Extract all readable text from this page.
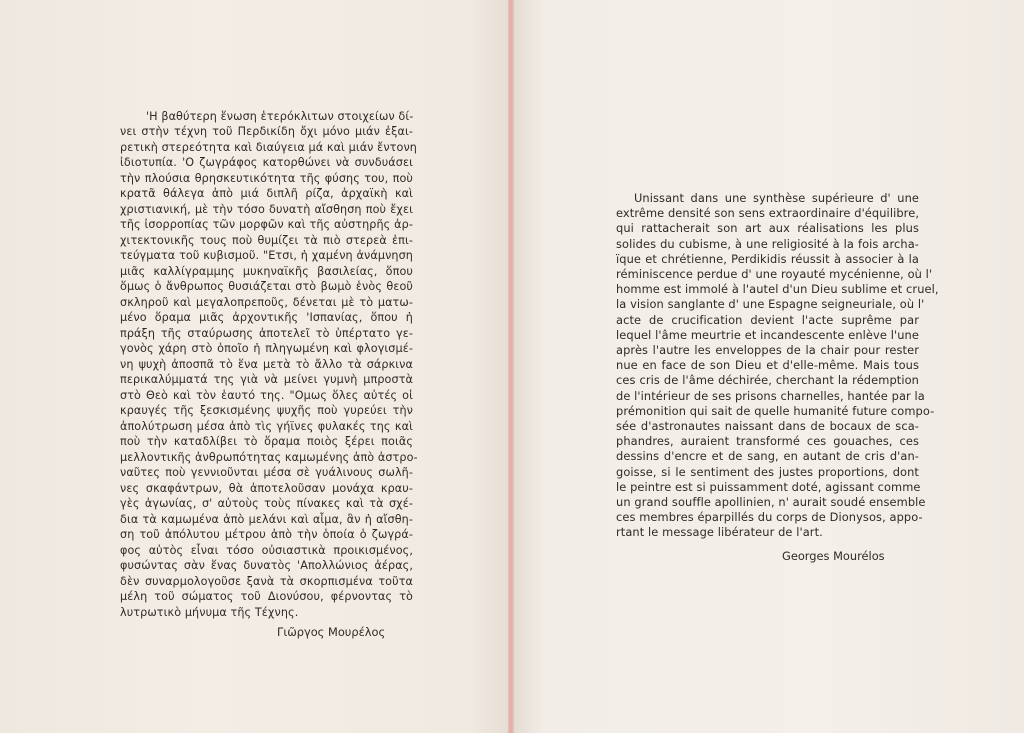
'Η βαθύτερη ἕνωση ἑτερόκλιτων στοιχείων δί-
νει στὴν τέχνη τοῦ Περδικίδη ὄχι μόνο μιάν ἐξαι-
ρετικὴ στερεότητα καὶ διαύγεια μά καὶ μιάν ἔντονη
ἰδιοτυπία. 'Ο ζωγράφος κατορθώνει νὰ συνδυάσει
τὴν πλούσια θρησκευτικότητα τῆς φύσης του, ποὺ
κρατᾶ θάλεγα ἀπὸ μιά διπλῆ ρίζα, ἀρχαϊκὴ καὶ
χριστιανική, μὲ τὴν τόσο δυνατὴ αἴσθηση ποὺ ἔχει
τῆς ἰσορροπίας τῶν μορφῶν καὶ τῆς αὐστηρῆς ἀρ-
χιτεκτονικῆς τους ποὺ θυμίζει τὰ πιὸ στερεὰ ἐπι-
τεύγματα τοῦ κυβισμοῦ. "Ετσι, ἡ χαμένη ἀνάμνηση
μιᾶς καλλίγραμμης μυκηναϊκῆς βασιλείας, ὅπου
ὅμως ὁ ἄνθρωπος θυσιάζεται στὸ βωμὸ ἑνὸς θεοῦ
σκληροῦ καὶ μεγαλοπρεποῦς, δένεται μὲ τὸ ματω-
μένο ὅραμα μιᾶς ἀρχοντικῆς 'Ισπανίας, ὅπου ἡ
πράξη τῆς σταύρωσης ἀποτελεῖ τὸ ὑπέρτατο γε-
γονὸς χάρη στὸ ὁποῖο ἡ πληγωμένη καὶ φλογισμέ-
νη ψυχὴ ἀποσπᾶ τὸ ἕνα μετὰ τὸ ἄλλο τὰ σάρκινα
περικαλύμματά της γιὰ νὰ μείνει γυμνὴ μπροστὰ
στὸ Θεὸ καὶ τὸν ἑαυτό της. "Ομως ὅλες αὐτές οἱ
κραυγές τῆς ξεσκισμένης ψυχῆς ποὺ γυρεύει τὴν
ἀπολύτρωση μέσα ἀπὸ τὶς γήϊνες φυλακές της καὶ
ποὺ τὴν καταδλίβει τὸ ὅραμα ποιὸς ξέρει ποιᾶς
μελλοντικῆς ἀνθρωπότητας καμωμένης ἀπὸ ἀστρο-
ναῦτες ποὺ γεννιοῦνται μέσα σὲ γυάλινους σωλῆ-
νες σκαφάντρων, θὰ ἀποτελοῦσαν μονάχα κραυ-
γὲς ἀγωνίας, σ' αὐτοὺς τοὺς πίνακες καὶ τὰ σχέ-
δια τὰ καμωμένα ἀπὸ μελάνι καὶ αἷμα, ἂν ἡ αἴσθη-
ση τοῦ ἀπόλυτου μέτρου ἀπὸ τὴν ὁποία ὁ ζωγρά-
φος αὐτὸς εἶναι τόσο οὐσιαστικὰ προικισμένος,
φυσώντας σὰν ἕνας δυνατὸς 'Απολλώνιος ἀέρας,
δὲν συναρμολογοῦσε ξανὰ τὰ σκορπισμένα τοῦτα
μέλη τοῦ σώματος τοῦ Διονύσου, φέρνοντας τὸ
λυτρωτικὸ μήνυμα τῆς Τέχνης.
Γιῶργος Μουρέλος
Unissant dans une synthèse supérieure d' une
extrême densité son sens extraordinaire d'équilibre,
qui rattacherait son art aux réalisations les plus
solides du cubisme, à une religiosité à la fois archa-
ïque et chrétienne, Perdikidis réussit à associer à la
réminiscence perdue d' une royauté mycénienne, où l'
homme est immolé à l'autel d'un Dieu sublime et cruel,
la vision sanglante d' une Espagne seigneuriale, où l'
acte de crucification devient l'acte suprême par
lequel l'âme meurtrie et incandescente enlève l'une
après l'autre les enveloppes de la chair pour rester
nue en face de son Dieu et d'elle-même. Mais tous
ces cris de l'âme déchirée, cherchant la rédemption
de l'intérieur de ses prisons charnelles, hantée par la
prémonition qui sait de quelle humanité future compo-
sée d'astronautes naissant dans de bocaux de sca-
phandres, auraient transformé ces gouaches, ces
dessins d'encre et de sang, en autant de cris d'an-
goisse, si le sentiment des justes proportions, dont
le peintre est si puissamment doté, agissant comme
un grand souffle apollinien, n' aurait soudé ensemble
ces membres éparpillés du corps de Dionysos, appo-
rtant le message libérateur de l'art.
Georges Mourélos
